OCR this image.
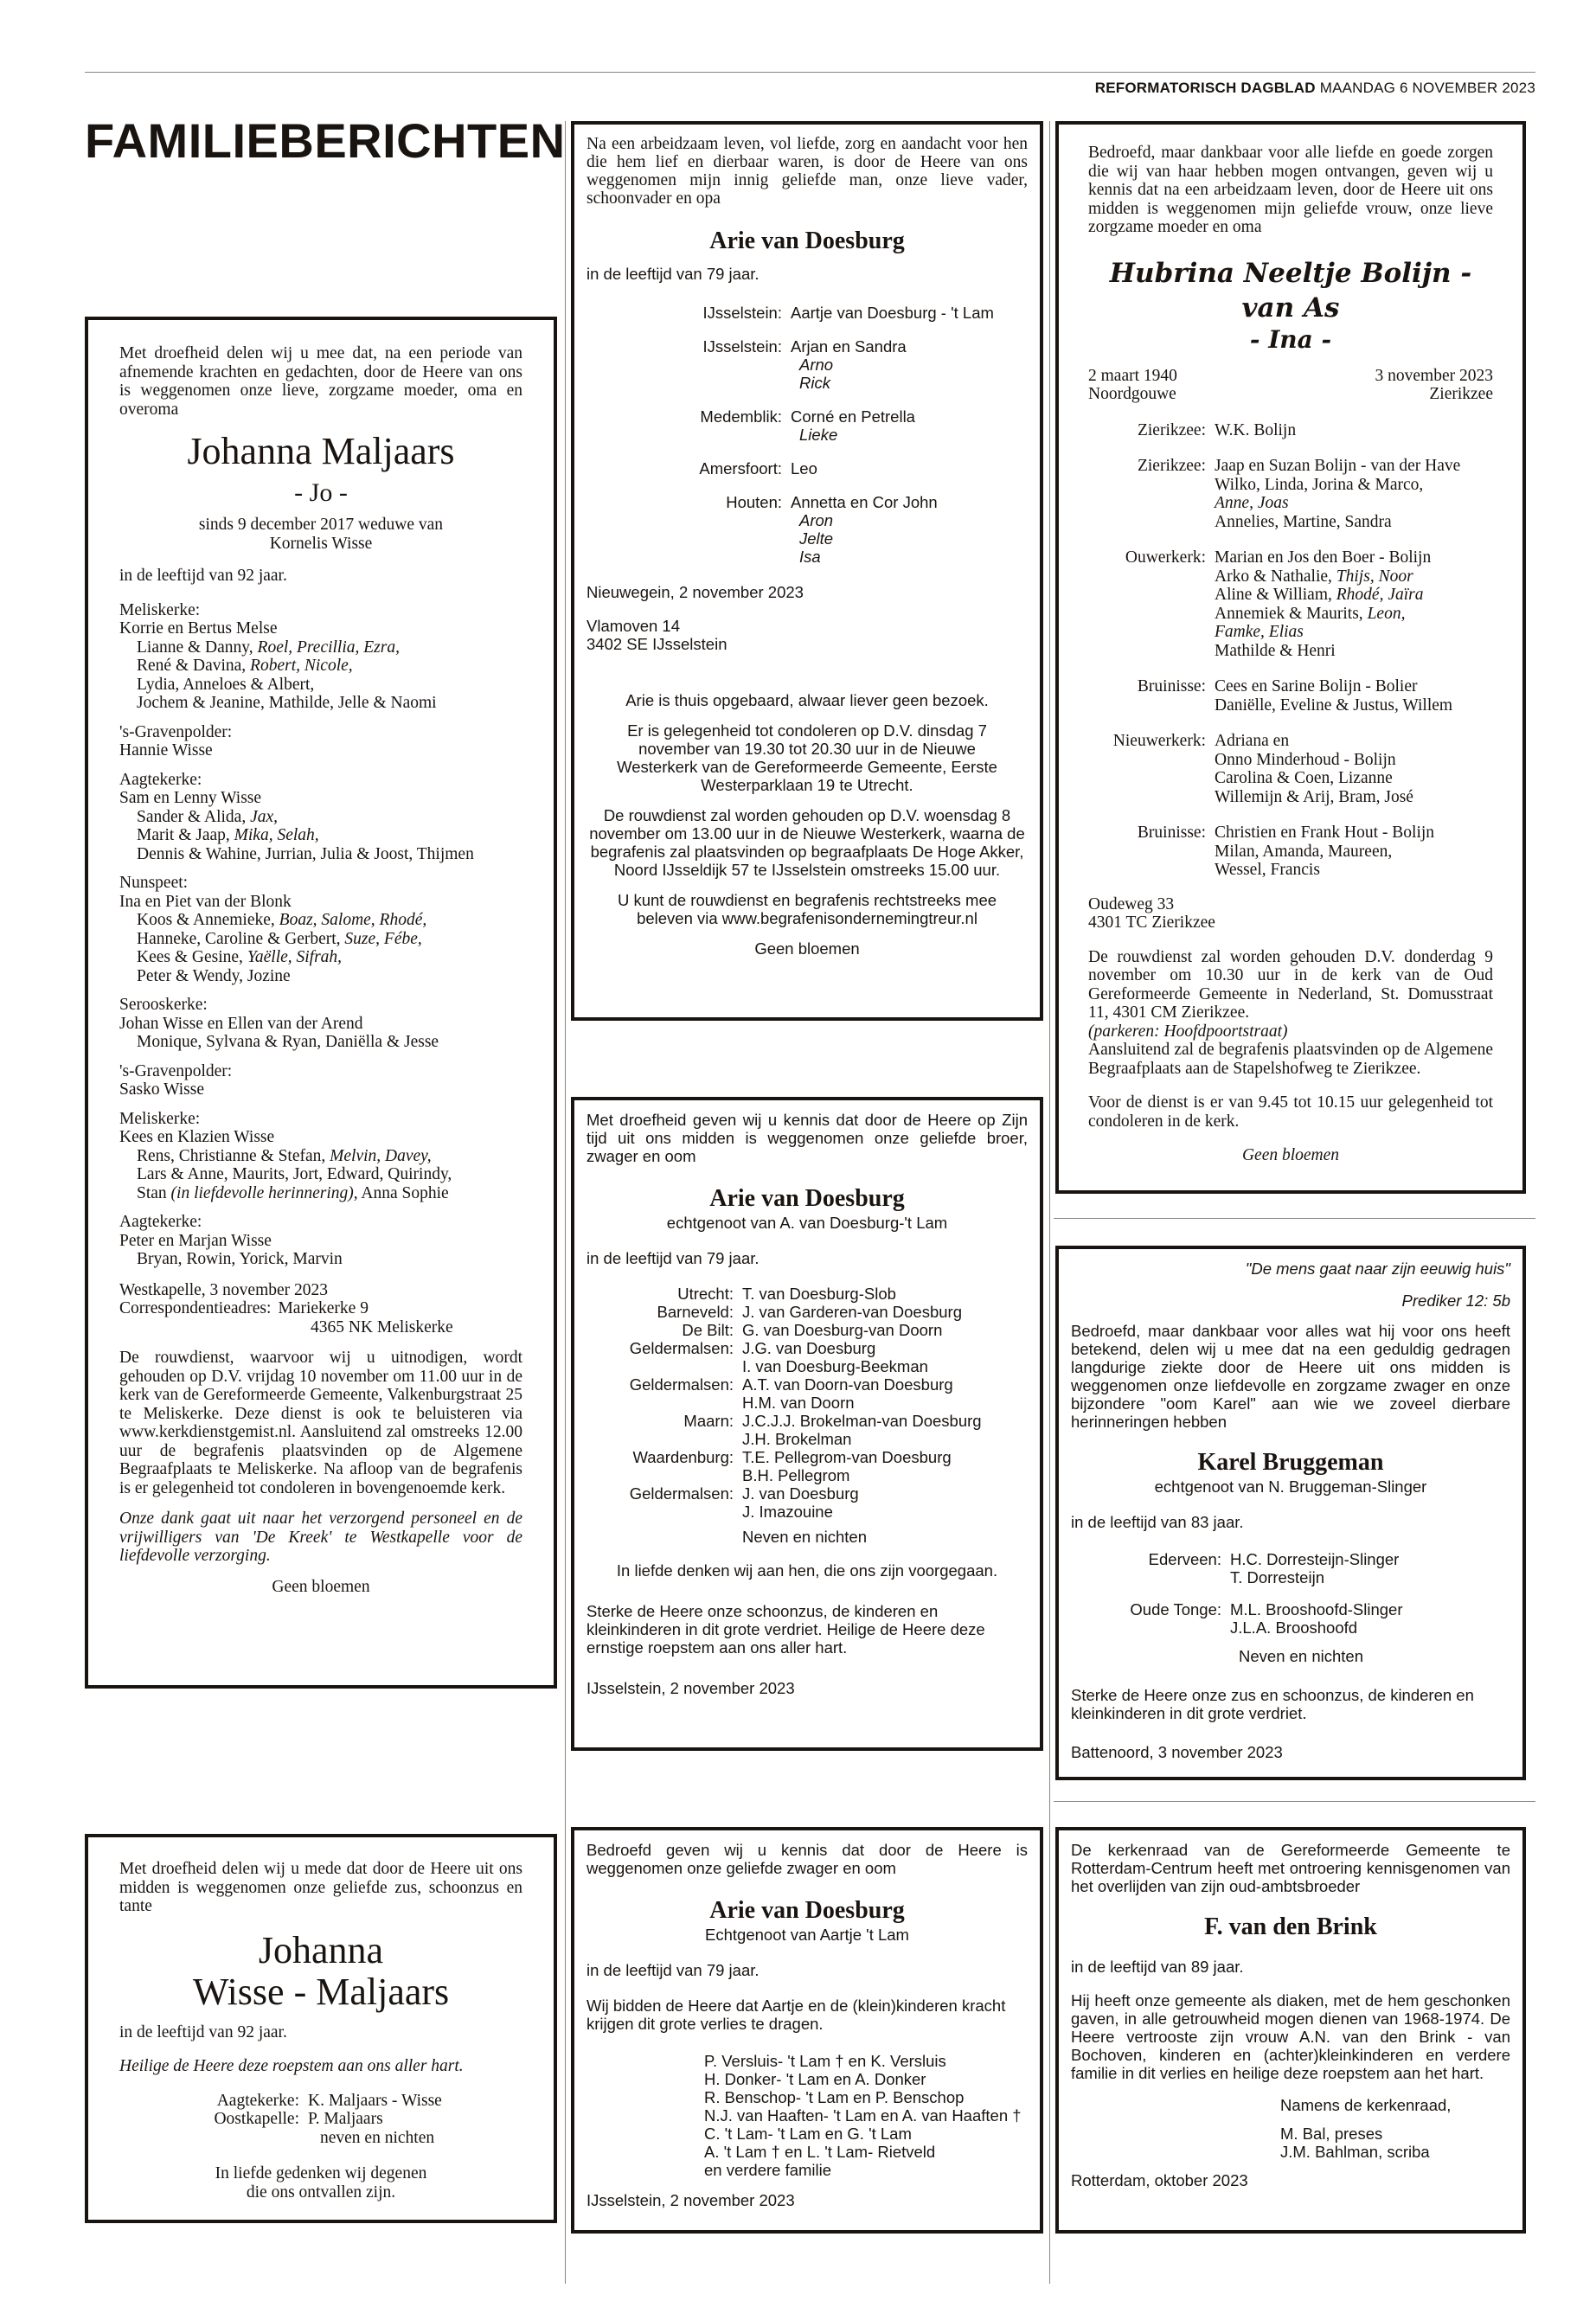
REFORMATORISCH DAGBLAD MAANDAG 6 NOVEMBER 2023
FAMILIEBERICHTEN
Met droefheid delen wij u mee dat, na een periode van afnemende krachten en gedachten, door de Heere van ons is weggenomen onze lieve, zorgzame moeder, oma en overoma
Johanna Maljaars
- Jo -
sinds 9 december 2017 weduwe van
Kornelis Wisse
in de leeftijd van 92 jaar.
Meliskerke:
Korrie en Bertus Melse
Lianne & Danny, Roel, Precillia, Ezra,
René & Davina, Robert, Nicole,
Lydia, Anneloes & Albert,
Jochem & Jeanine, Mathilde, Jelle & Naomi
's-Gravenpolder:
Hannie Wisse
Aagtekerke:
Sam en Lenny Wisse
Sander & Alida, Jax,
Marit & Jaap, Mika, Selah,
Dennis & Wahine, Jurrian, Julia & Joost, Thijmen
Nunspeet:
Ina en Piet van der Blonk
Koos & Annemieke, Boaz, Salome, Rhodé,
Hanneke, Caroline & Gerbert, Suze, Fébe,
Kees & Gesine, Yaëlle, Sifrah,
Peter & Wendy, Jozine
Serooskerke:
Johan Wisse en Ellen van der Arend
Monique, Sylvana & Ryan, Daniëlla & Jesse
's-Gravenpolder:
Sasko Wisse
Meliskerke:
Kees en Klazien Wisse
Rens, Christianne & Stefan, Melvin, Davey,
Lars & Anne, Maurits, Jort, Edward, Quirindy,
Stan (in liefdevolle herinnering), Anna Sophie
Aagtekerke:
Peter en Marjan Wisse
Bryan, Rowin, Yorick, Marvin
Westkapelle, 3 november 2023
Correspondentieadres: Mariekerke 9
4365 NK Meliskerke
De rouwdienst, waarvoor wij u uitnodigen, wordt gehouden op D.V. vrijdag 10 november om 11.00 uur in de kerk van de Gereformeerde Gemeente, Valkenburgstraat 25 te Meliskerke. Deze dienst is ook te beluisteren via www.kerkdienstgemist.nl. Aansluitend zal omstreeks 12.00 uur de begrafenis plaatsvinden op de Algemene Begraafplaats te Meliskerke. Na afloop van de begrafenis is er gelegenheid tot condoleren in bovengenoemde kerk.
Onze dank gaat uit naar het verzorgend personeel en de vrijwilligers van 'De Kreek' te Westkapelle voor de liefdevolle verzorging.
Geen bloemen
Met droefheid delen wij u mede dat door de Heere uit ons midden is weggenomen onze geliefde zus, schoonzus en tante
Johanna
Wisse - Maljaars
in de leeftijd van 92 jaar.
Heilige de Heere deze roepstem aan ons aller hart.
Aagtekerke: K. Maljaars - Wisse
Oostkapelle: P. Maljaars
neven en nichten
In liefde gedenken wij degenen
die ons ontvallen zijn.
Na een arbeidzaam leven, vol liefde, zorg en aandacht voor hen die hem lief en dierbaar waren, is door de Heere van ons weggenomen mijn innig geliefde man, onze lieve vader, schoonvader en opa
Arie van Doesburg
in de leeftijd van 79 jaar.
IJsselstein: Aartje van Doesburg - 't Lam
IJsselstein: Arjan en Sandra
Arno
Rick
Medemblik: Corné en Petrella
Lieke
Amersfoort: Leo
Houten: Annetta en Cor John
Aron
Jelte
Isa
Nieuwegein, 2 november 2023
Vlamoven 14
3402 SE IJsselstein
Arie is thuis opgebaard, alwaar liever geen bezoek.
Er is gelegenheid tot condoleren op D.V. dinsdag 7 november van 19.30 tot 20.30 uur in de Nieuwe Westerkerk van de Gereformeerde Gemeente, Eerste Westerparklaan 19 te Utrecht.
De rouwdienst zal worden gehouden op D.V. woensdag 8 november om 13.00 uur in de Nieuwe Westerkerk, waarna de begrafenis zal plaatsvinden op begraafplaats De Hoge Akker, Noord IJsseldijk 57 te IJsselstein omstreeks 15.00 uur.
U kunt de rouwdienst en begrafenis rechtstreeks mee beleven via www.begrafenisondernemingtreur.nl
Geen bloemen
Met droefheid geven wij u kennis dat door de Heere op Zijn tijd uit ons midden is weggenomen onze geliefde broer, zwager en oom
Arie van Doesburg
echtgenoot van A. van Doesburg-'t Lam
in de leeftijd van 79 jaar.
Utrecht: T. van Doesburg-Slob
Barneveld: J. van Garderen-van Doesburg
De Bilt: G. van Doesburg-van Doorn
Geldermalsen: J.G. van Doesburg
I. van Doesburg-Beekman
Geldermalsen: A.T. van Doorn-van Doesburg
H.M. van Doorn
Maarn: J.C.J.J. Brokelman-van Doesburg
J.H. Brokelman
Waardenburg: T.E. Pellegrom-van Doesburg
B.H. Pellegrom
Geldermalsen: J. van Doesburg
J. Imazouine
Neven en nichten
In liefde denken wij aan hen, die ons zijn voorgegaan.
Sterke de Heere onze schoonzus, de kinderen en kleinkinderen in dit grote verdriet. Heilige de Heere deze ernstige roepstem aan ons aller hart.
IJsselstein, 2 november 2023
Bedroefd geven wij u kennis dat door de Heere is weggenomen onze geliefde zwager en oom
Arie van Doesburg
Echtgenoot van Aartje 't Lam
in de leeftijd van 79 jaar.
Wij bidden de Heere dat Aartje en de (klein)kinderen kracht krijgen dit grote verlies te dragen.
P. Versluis- 't Lam † en K. Versluis
H. Donker- 't Lam en A. Donker
R. Benschop- 't Lam en P. Benschop
N.J. van Haaften- 't Lam en A. van Haaften †
C. 't Lam- 't Lam en G. 't Lam
A. 't Lam † en L. 't Lam- Rietveld
en verdere familie
IJsselstein, 2 november 2023
Bedroefd, maar dankbaar voor alle liefde en goede zorgen die wij van haar hebben mogen ontvangen, geven wij u kennis dat na een arbeidzaam leven, door de Heere uit ons midden is weggenomen mijn geliefde vrouw, onze lieve zorgzame moeder en oma
Hubrina Neeltje Bolijn - van As
- Ina -
2 maart 1940
Noordgouwe
3 november 2023
Zierikzee
Zierikzee: W.K. Bolijn
Zierikzee: Jaap en Suzan Bolijn - van der Have
Wilko, Linda, Jorina & Marco,
Anne, Joas
Annelies, Martine, Sandra
Ouwerkerk: Marian en Jos den Boer - Bolijn
Arko & Nathalie, Thijs, Noor
Aline & William, Rhodé, Jaïra
Annemiek & Maurits, Leon,
Famke, Elias
Mathilde & Henri
Bruinisse: Cees en Sarine Bolijn - Bolier
Daniëlle, Eveline & Justus, Willem
Nieuwerkerk: Adriana en
Onno Minderhoud - Bolijn
Carolina & Coen, Lizanne
Willemijn & Arij, Bram, José
Bruinisse: Christien en Frank Hout - Bolijn
Milan, Amanda, Maureen,
Wessel, Francis
Oudeweg 33
4301 TC Zierikzee
De rouwdienst zal worden gehouden D.V. donderdag 9 november om 10.30 uur in de kerk van de Oud Gereformeerde Gemeente in Nederland, St. Domusstraat 11, 4301 CM Zierikzee.
(parkeren: Hoofdpoortstraat)
Aansluitend zal de begrafenis plaatsvinden op de Algemene Begraafplaats aan de Stapelshofweg te Zierikzee.
Voor de dienst is er van 9.45 tot 10.15 uur gelegenheid tot condoleren in de kerk.
Geen bloemen
"De mens gaat naar zijn eeuwig huis"
Prediker 12: 5b
Bedroefd, maar dankbaar voor alles wat hij voor ons heeft betekend, delen wij u mee dat na een geduldig gedragen langdurige ziekte door de Heere uit ons midden is weggenomen onze liefdevolle en zorgzame zwager en onze bijzondere "oom Karel" aan wie we zoveel dierbare herinneringen hebben
Karel Bruggeman
echtgenoot van N. Bruggeman-Slinger
in de leeftijd van 83 jaar.
Ederveen: H.C. Dorresteijn-Slinger
T. Dorresteijn
Oude Tonge: M.L. Brooshoofd-Slinger
J.L.A. Brooshoofd
Neven en nichten
Sterke de Heere onze zus en schoonzus, de kinderen en kleinkinderen in dit grote verdriet.
Battenoord, 3 november 2023
De kerkenraad van de Gereformeerde Gemeente te Rotterdam-Centrum heeft met ontroering kennisgenomen van het overlijden van zijn oud-ambtsbroeder
F. van den Brink
in de leeftijd van 89 jaar.
Hij heeft onze gemeente als diaken, met de hem geschonken gaven, in alle getrouwheid mogen dienen van 1968-1974. De Heere vertrooste zijn vrouw A.N. van den Brink - van Bochoven, kinderen en (achter)kleinkinderen en verdere familie in dit verlies en heilige deze roepstem aan het hart.
Namens de kerkenraad,
M. Bal, preses
J.M. Bahlman, scriba
Rotterdam, oktober 2023
